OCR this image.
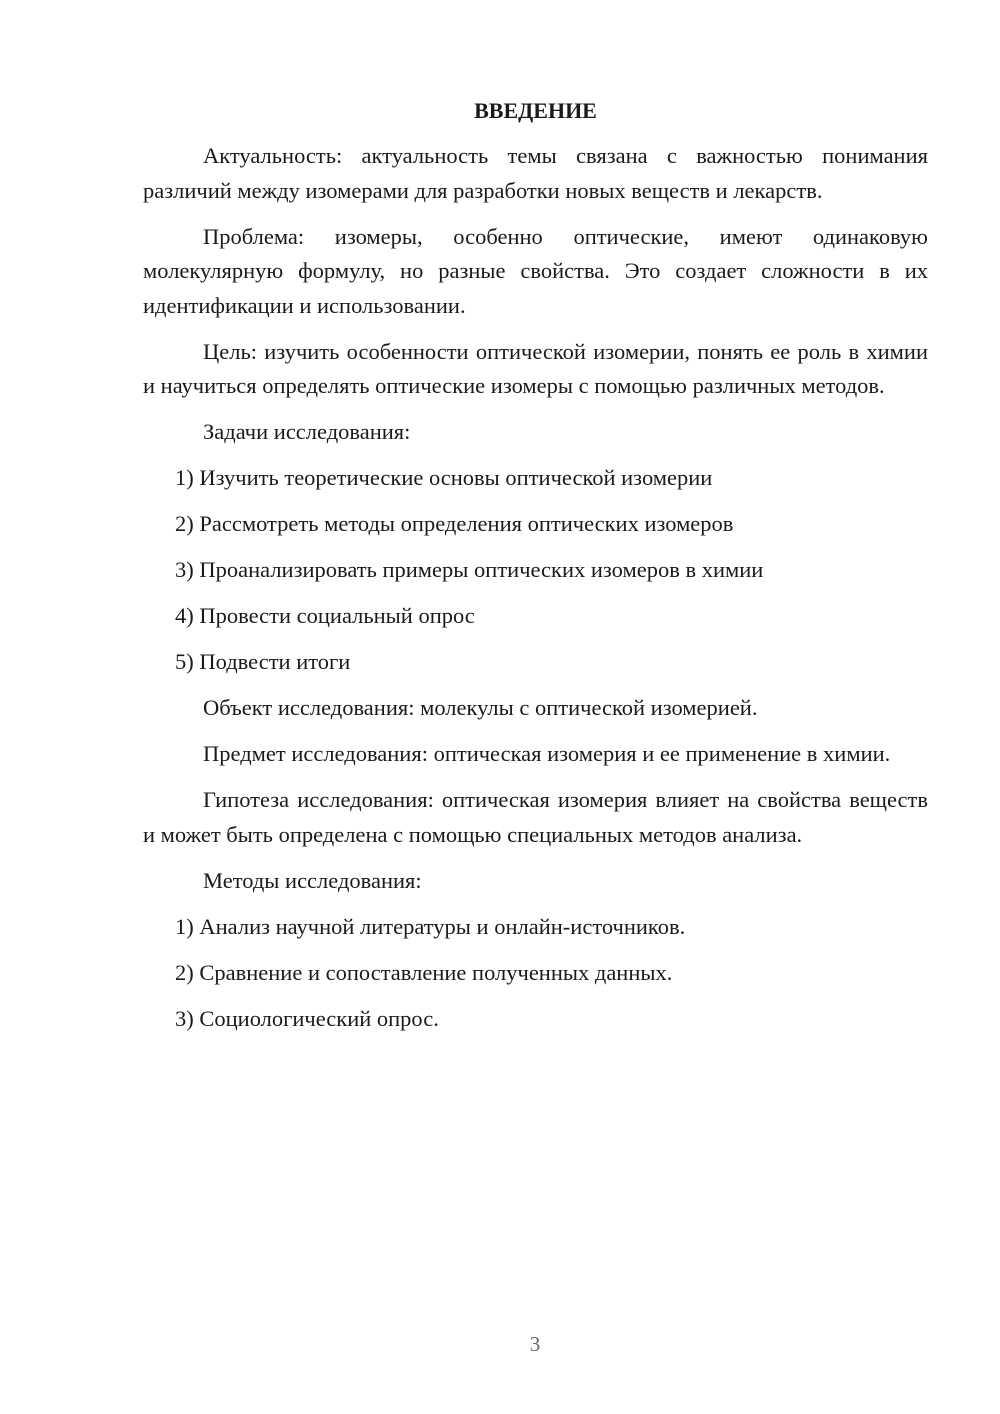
ВВЕДЕНИЕ

Актуальность: актуальность темы связана с важностью понимания различий между изомерами для разработки новых веществ и лекарств.

Проблема: изомеры, особенно оптические, имеют одинаковую молекулярную формулу, но разные свойства. Это создает сложности в их идентификации и использовании.

Цель: изучить особенности оптической изомерии, понять ее роль в химии и научиться определять оптические изомеры с помощью различных методов.

Задачи исследования:

1) Изучить теоретические основы оптической изомерии
2) Рассмотреть методы определения оптических изомеров
3) Проанализировать примеры оптических изомеров в химии
4) Провести социальный опрос
5) Подвести итоги

Объект исследования: молекулы с оптической изомерией.

Предмет исследования: оптическая изомерия и ее применение в химии.

Гипотеза исследования: оптическая изомерия влияет на свойства веществ и может быть определена с помощью специальных методов анализа.

Методы исследования:

1) Анализ научной литературы и онлайн-источников.
2) Сравнение и сопоставление полученных данных.
3) Социологический опрос.
3
